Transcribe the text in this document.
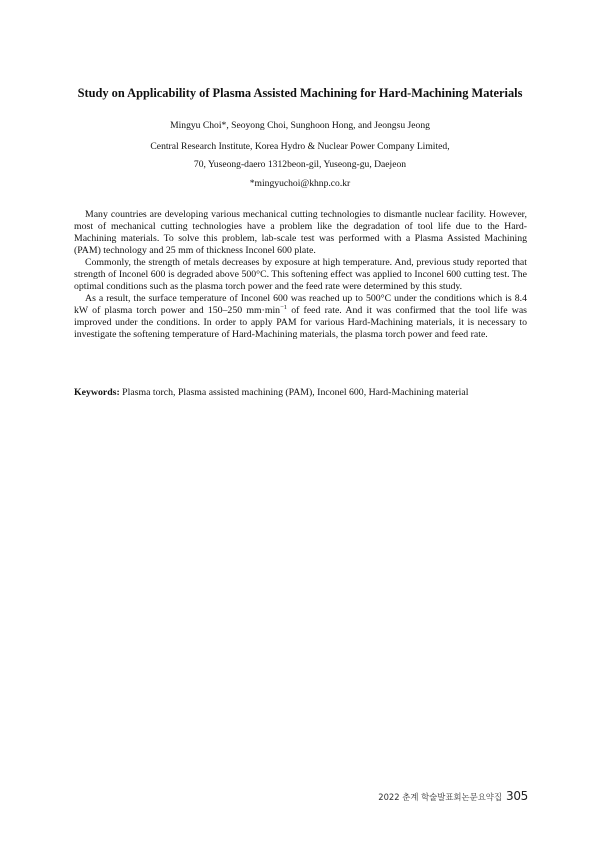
Study on Applicability of Plasma Assisted Machining for Hard-Machining Materials

Mingyu Choi*, Seoyong Choi, Sunghoon Hong, and Jeongsu Jeong

Central Research Institute, Korea Hydro & Nuclear Power Company Limited,

70, Yuseong-daero 1312beon-gil, Yuseong-gu, Daejeon

*mingyuchoi@khnp.co.kr

Many countries are developing various mechanical cutting technologies to dismantle nuclear facility. However, most of mechanical cutting technologies have a problem like the degradation of tool life due to the Hard-Machining materials. To solve this problem, lab-scale test was performed with a Plasma Assisted Machining (PAM) technology and 25 mm of thickness Inconel 600 plate.

Commonly, the strength of metals decreases by exposure at high temperature. And, previous study reported that strength of Inconel 600 is degraded above 500°C. This softening effect was applied to Inconel 600 cutting test. The optimal conditions such as the plasma torch power and the feed rate were determined by this study.

As a result, the surface temperature of Inconel 600 was reached up to 500°C under the conditions which is 8.4 kW of plasma torch power and 150–250 $mm\cdot\min^{-1}$ of feed rate. And it was confirmed that the tool life was improved under the conditions. In order to apply PAM for various Hard-Machining materials, it is necessary to investigate the softening temperature of Hard-Machining materials, the plasma torch power and feed rate.

Keywords: Plasma torch, Plasma assisted machining (PAM), Inconel 600, Hard-Machining material

2022 춘계 학술발표회논문요약집 305
